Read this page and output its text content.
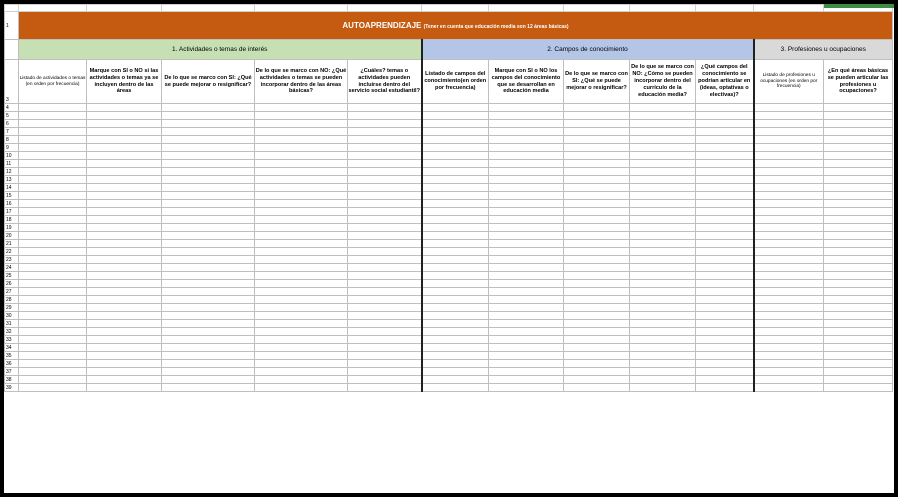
1	AUTOAPRENDIZAJE (Tener en cuenta que educación media son 12 áreas básicas)											
	1. Actividades o temas de interés					2. Campos de conocimiento					3. Profesiones u ocupaciones	
3	Listado de actividades o temas (en orden por frecuencia)	Marque con SI o NO si las actividades o temas ya se incluyen dentro de las áreas	De lo que se marco con SI: ¿Qué se puede mejorar o resignificar?	De lo que se marco con NO: ¿Qué actividades o temas se pueden incorporar dentro de las áreas básicas?	¿Cuáles? temas o actividades pueden incluirse dentro del servicio social estudiantil?	Listado de campos del conocimiento(en orden por frecuencia)	Marque con SI o NO los campos del conocimiento que se desarrollan en educación media	De lo que se marco con SI: ¿Qué se puede mejorar o resignificar?	De lo que se marco con NO: ¿Cómo se pueden incorporar dentro del currículo de la educación media?	¿Qué campos del conocimiento se podrían articular en (ideas, optativas o electivas)?	Listado de profesiones u ocupaciones (en orden por frecuencia)	¿En qué áreas básicas se pueden articular las profesiones u ocupaciones?
4												
5												
6												
7												
8												
9												
10												
11												
12												
13												
14												
15												
16												
17												
18												
19												
20												
21												
22												
23												
24												
25												
26												
27												
28												
29												
30												
31												
32												
33												
34												
35												
36												
37												
38												
39												
